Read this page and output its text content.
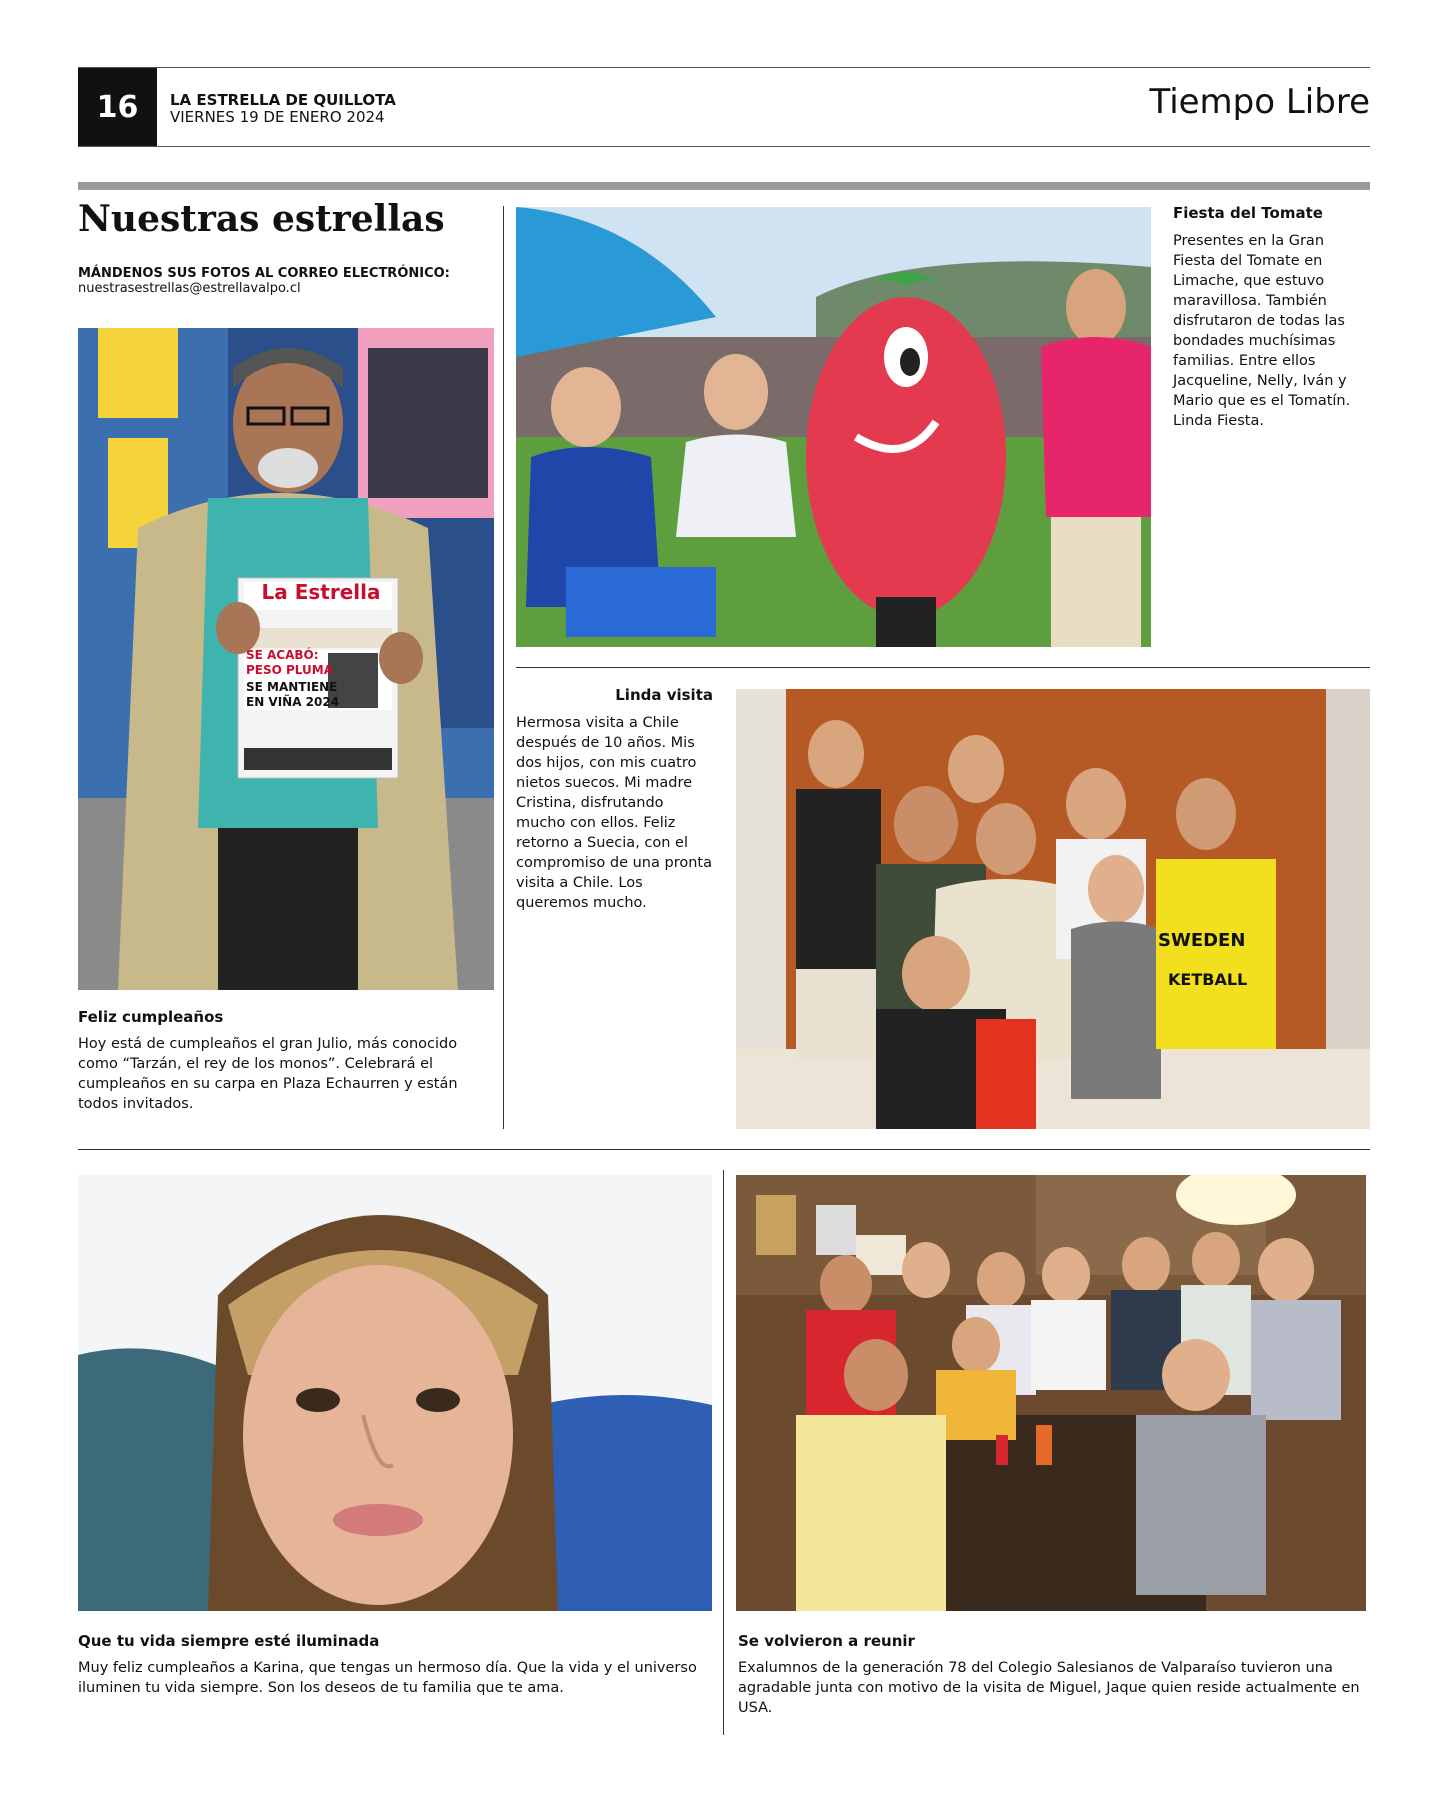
16	LA ESTRELLA DE QUILLOTA
VIERNES 19 DE ENERO 2024	Tiempo Libre
Nuestras estrellas
MÁNDENOS SUS FOTOS AL CORREO ELECTRÓNICO:
nuestrasestrellas@estrellavalpo.cl
La Estrella
SE ACABÓ:
PESO PLUMA
SE MANTIENE
EN VIÑA 2024
Feliz cumpleaños
Hoy está de cumpleaños el gran Julio, más conocido como “Tarzán, el rey de los monos”. Celebrará el cumpleaños en su carpa en Plaza Echaurren y están todos invitados.
Fiesta del Tomate
Presentes en la Gran Fiesta del Tomate en Limache, que estuvo maravillosa. También disfrutaron de todas las bondades muchísimas familias. Entre ellos Jacqueline, Nelly, Iván y Mario que es el Tomatín. Linda Fiesta.
Linda visita
Hermosa visita a Chile después de 10 años. Mis dos hijos, con mis cuatro nietos suecos. Mi madre Cristina, disfrutando mucho con ellos. Feliz retorno a Suecia, con el compromiso de una pronta visita a Chile. Los queremos mucho.
SWEDEN
KETBALL
Que tu vida siempre esté iluminada
Muy feliz cumpleaños a Karina, que tengas un hermoso día. Que la vida y el universo iluminen tu vida siempre. Son los deseos de tu familia que te ama.
Se volvieron a reunir
Exalumnos de la generación 78 del Colegio Salesianos de Valparaíso tuvieron una agradable junta con motivo de la visita de Miguel, Jaque quien reside actualmente en USA.
